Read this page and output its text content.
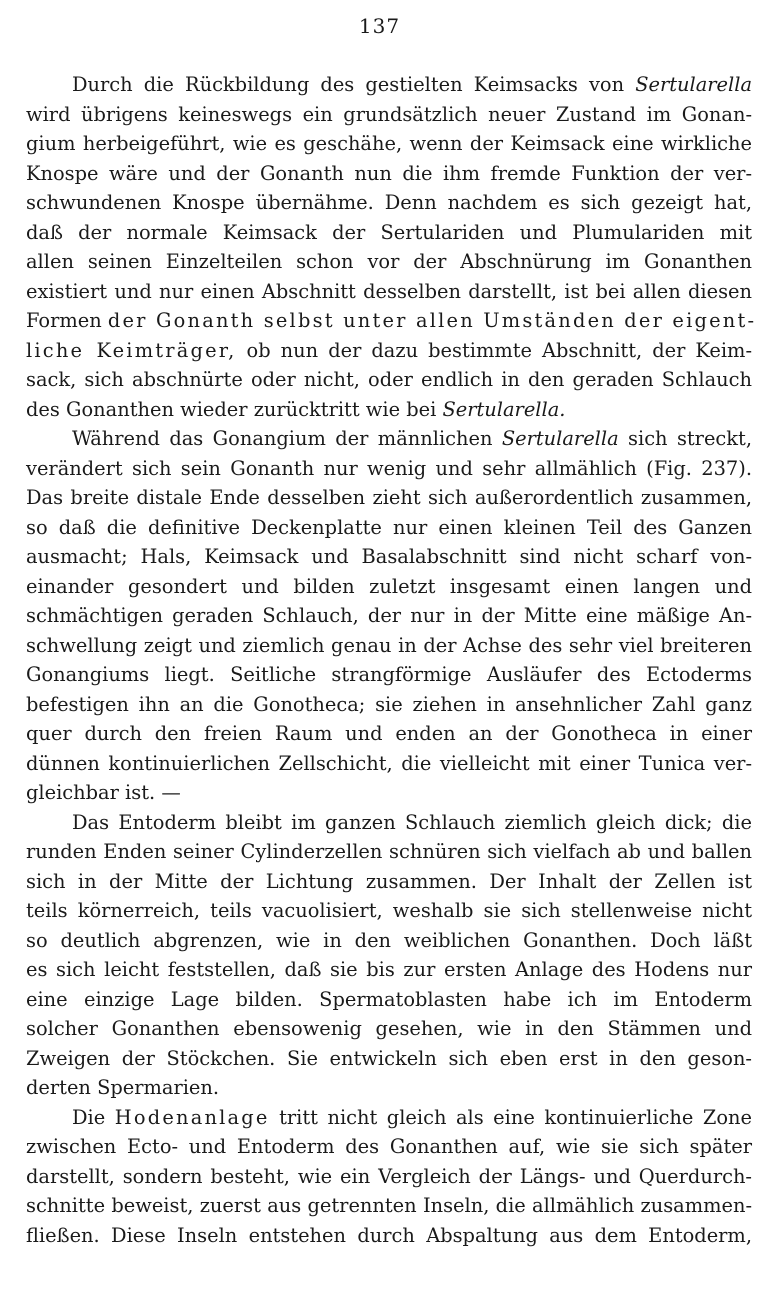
137

Durch die Rückbildung des gestielten Keimsacks von Sertularella

wird übrigens keineswegs ein grundsätzlich neuer Zustand im Gonan-

gium herbeigeführt, wie es geschähe, wenn der Keimsack eine wirkliche

Knospe wäre und der Gonanth nun die ihm fremde Funktion der ver-

schwundenen Knospe übernähme. Denn nachdem es sich gezeigt hat,

daß der normale Keimsack der Sertulariden und Plumulariden mit

allen seinen Einzelteilen schon vor der Abschnürung im Gonanthen

existiert und nur einen Abschnitt desselben darstellt, ist bei allen diesen

Formen der Gonanth selbst unter allen Umständen der eigent-

liche Keimträger, ob nun der dazu bestimmte Abschnitt, der Keim-

sack, sich abschnürte oder nicht, oder endlich in den geraden Schlauch

des Gonanthen wieder zurücktritt wie bei Sertularella.

Während das Gonangium der männlichen Sertularella sich streckt,

verändert sich sein Gonanth nur wenig und sehr allmählich (Fig. 237).

Das breite distale Ende desselben zieht sich außerordentlich zusammen,

so daß die definitive Deckenplatte nur einen kleinen Teil des Ganzen

ausmacht; Hals, Keimsack und Basalabschnitt sind nicht scharf von-

einander gesondert und bilden zuletzt insgesamt einen langen und

schmächtigen geraden Schlauch, der nur in der Mitte eine mäßige An-

schwellung zeigt und ziemlich genau in der Achse des sehr viel breiteren

Gonangiums liegt. Seitliche strangförmige Ausläufer des Ectoderms

befestigen ihn an die Gonotheca; sie ziehen in ansehnlicher Zahl ganz

quer durch den freien Raum und enden an der Gonotheca in einer

dünnen kontinuierlichen Zellschicht, die vielleicht mit einer Tunica ver-

gleichbar ist. —

Das Entoderm bleibt im ganzen Schlauch ziemlich gleich dick; die

runden Enden seiner Cylinderzellen schnüren sich vielfach ab und ballen

sich in der Mitte der Lichtung zusammen. Der Inhalt der Zellen ist

teils körnerreich, teils vacuolisiert, weshalb sie sich stellenweise nicht

so deutlich abgrenzen, wie in den weiblichen Gonanthen. Doch läßt

es sich leicht feststellen, daß sie bis zur ersten Anlage des Hodens nur

eine einzige Lage bilden. Spermatoblasten habe ich im Entoderm

solcher Gonanthen ebensowenig gesehen, wie in den Stämmen und

Zweigen der Stöckchen. Sie entwickeln sich eben erst in den geson-

derten Spermarien.

Die Hodenanlage tritt nicht gleich als eine kontinuierliche Zone

zwischen Ecto- und Entoderm des Gonanthen auf, wie sie sich später

darstellt, sondern besteht, wie ein Vergleich der Längs- und Querdurch-

schnitte beweist, zuerst aus getrennten Inseln, die allmählich zusammen-

fließen. Diese Inseln entstehen durch Abspaltung aus dem Entoderm,
